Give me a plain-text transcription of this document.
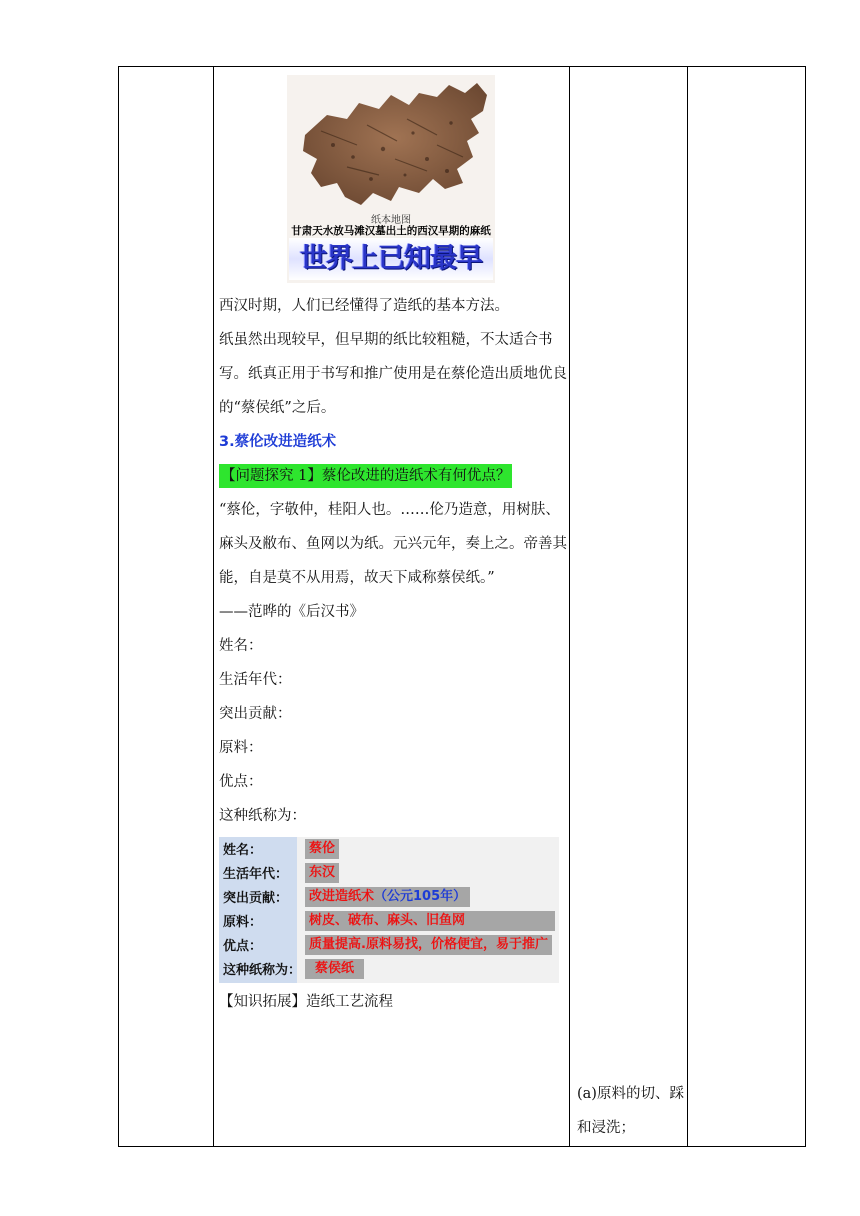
纸本地图
甘肃天水放马滩汉墓出土的西汉早期的麻纸
世界上已知最早

西汉时期，人们已经懂得了造纸的基本方法。

纸虽然出现较早，但早期的纸比较粗糙，不太适合书写。纸真正用于书写和推广使用是在蔡伦造出质地优良的“蔡侯纸”之后。

3.蔡伦改进造纸术

【问题探究 1】蔡伦改进的造纸术有何优点？

“蔡伦，字敬仲，桂阳人也。……伦乃造意，用树肤、麻头及敝布、鱼网以为纸。元兴元年，奏上之。帝善其能，自是莫不从用焉，故天下咸称蔡侯纸。”

——范晔的《后汉书》

姓名：

生活年代：

突出贡献：

原料：

优点：

这种纸称为：

姓名：	蔡伦
生活年代：	东汉
突出贡献：	改进造纸术（公元105年）
原料：	树皮、破布、麻头、旧鱼网
优点：	质量提高.原料易找，价格便宜，易于推广
这种纸称为：	蔡侯纸

【知识拓展】造纸工艺流程

(a)原料的切、踩和浸洗；
